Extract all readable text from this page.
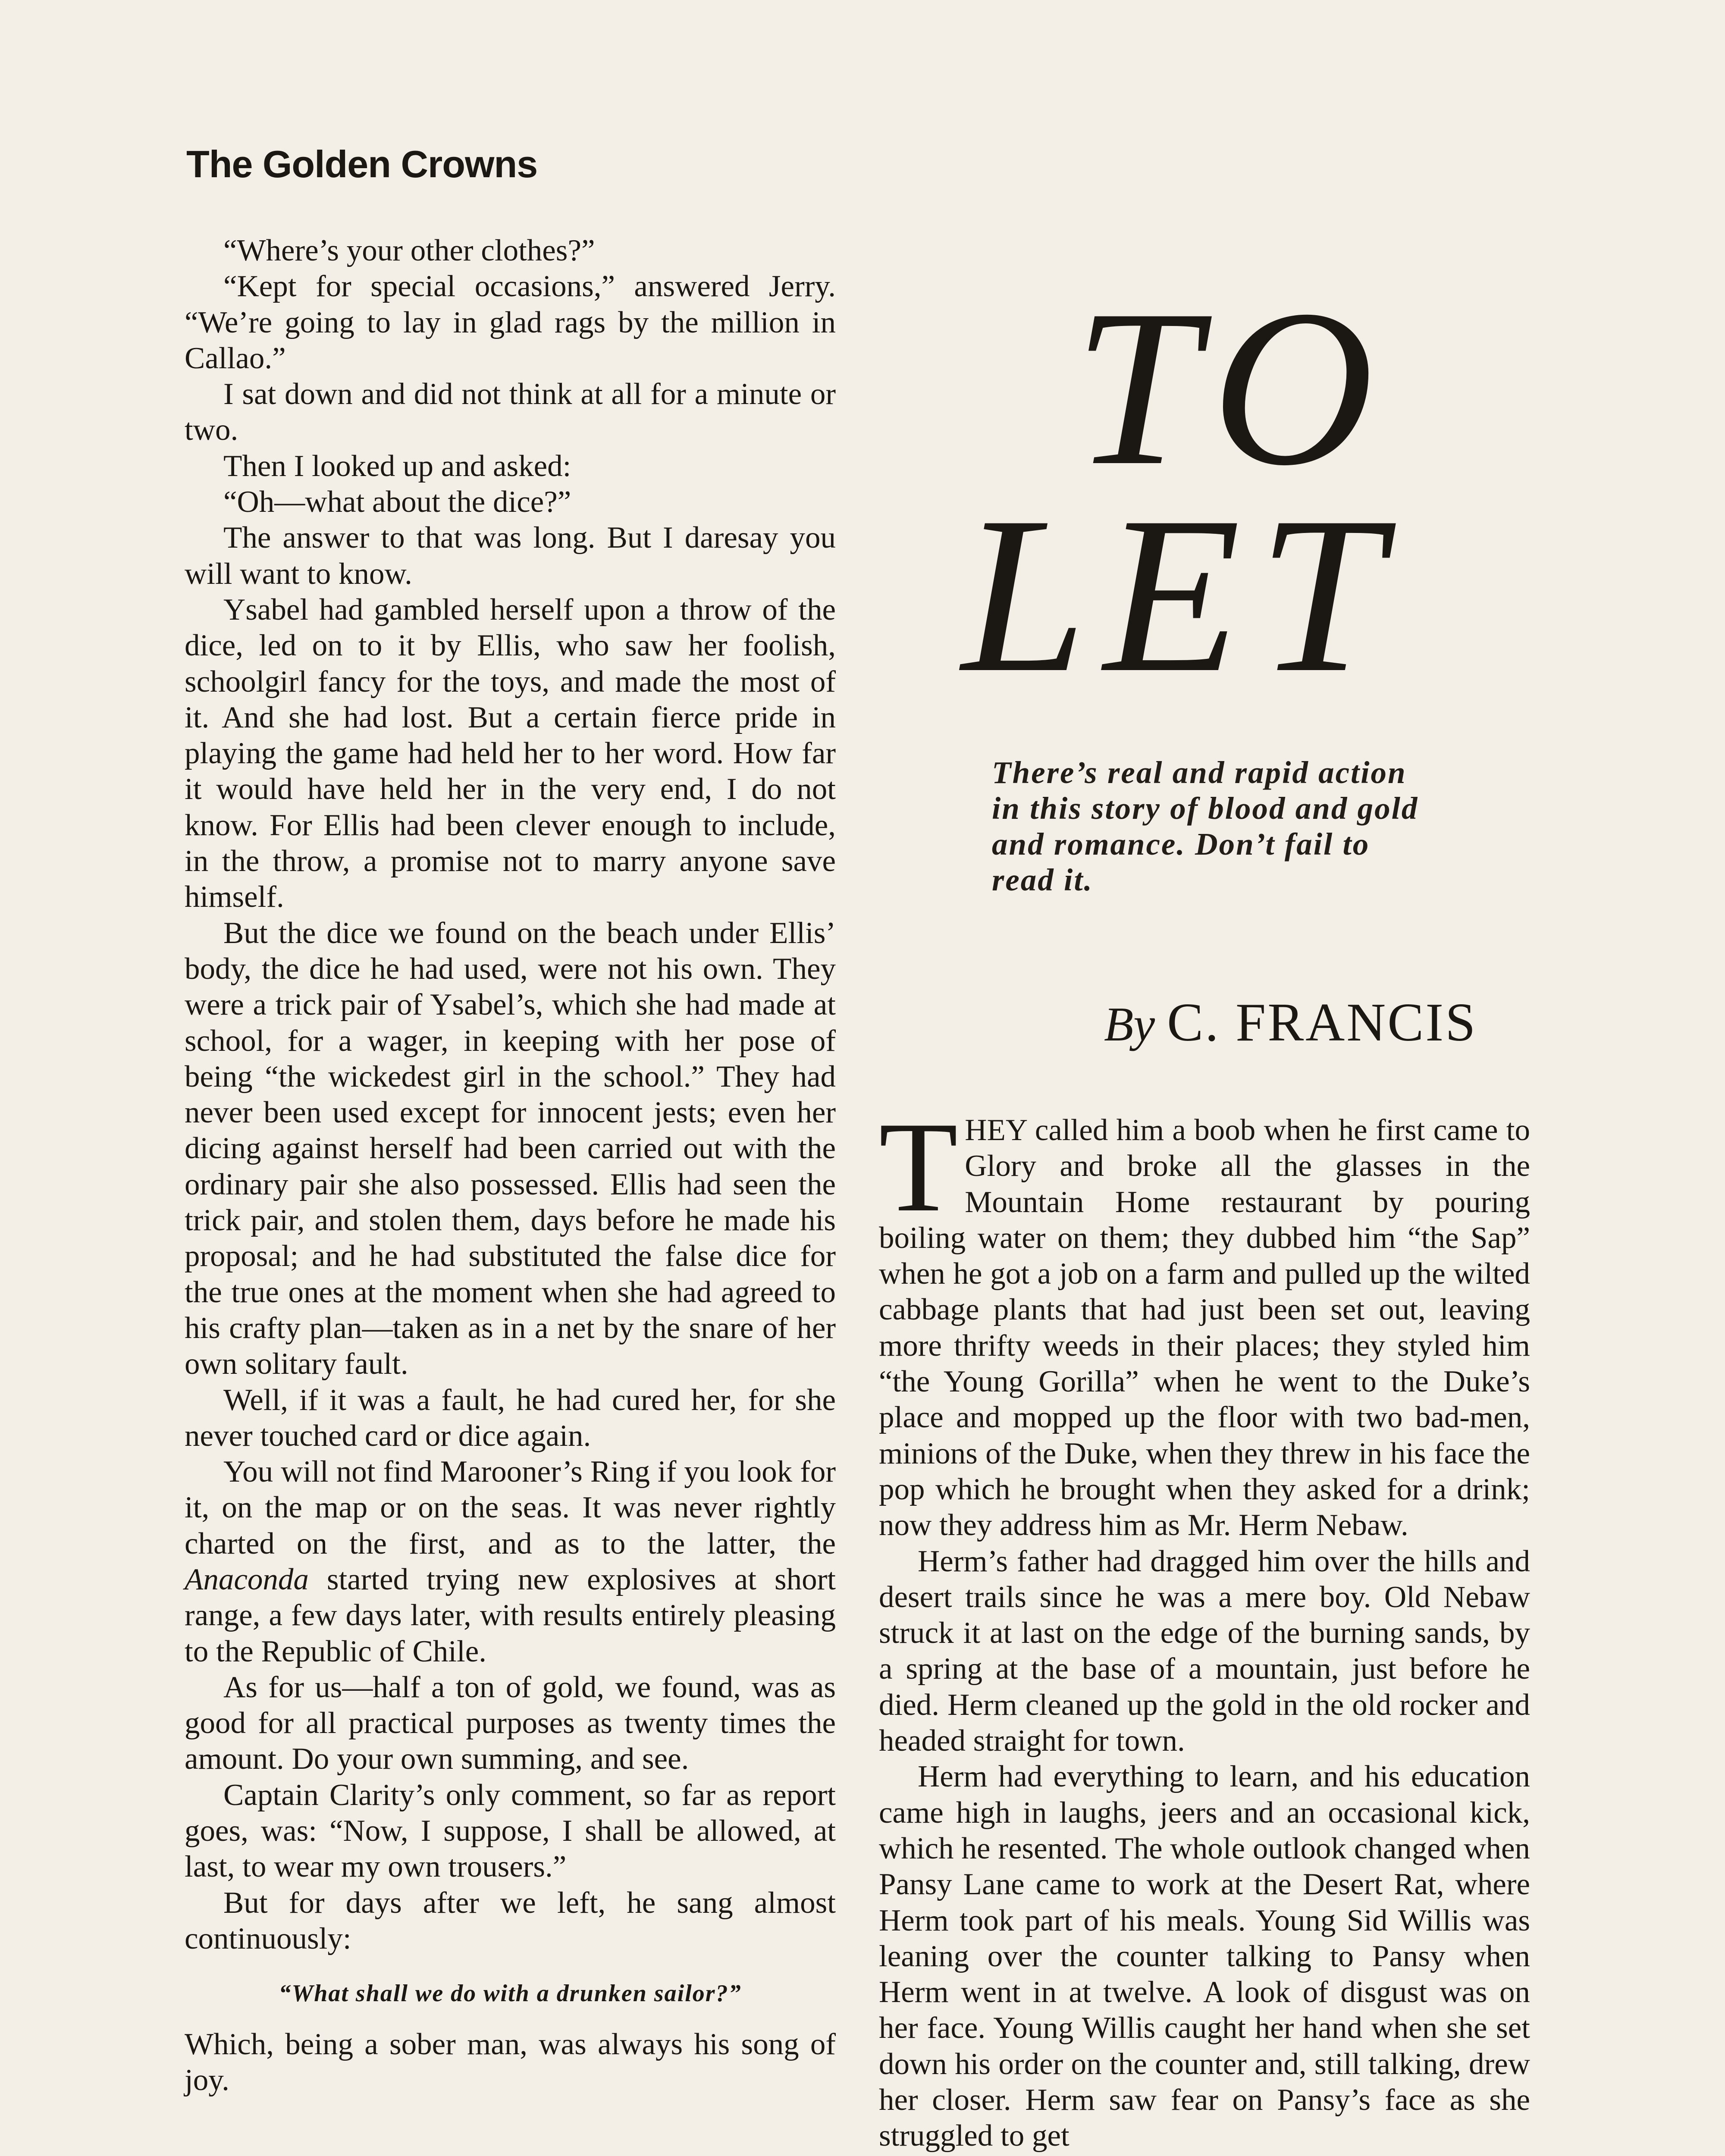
The Golden Crowns

“Where’s your other clothes?”

“Kept for special occasions,” answered Jerry. “We’re going to lay in glad rags by the million in Callao.”

I sat down and did not think at all for a minute or two.

Then I looked up and asked:

“Oh—what about the dice?”

The answer to that was long. But I daresay you will want to know.

Ysabel had gambled herself upon a throw of the dice, led on to it by Ellis, who saw her foolish, schoolgirl fancy for the toys, and made the most of it. And she had lost. But a certain fierce pride in playing the game had held her to her word. How far it would have held her in the very end, I do not know. For Ellis had been clever enough to include, in the throw, a promise not to marry anyone save himself.

But the dice we found on the beach under Ellis’ body, the dice he had used, were not his own. They were a trick pair of Ysabel’s, which she had made at school, for a wager, in keeping with her pose of being “the wickedest girl in the school.” They had never been used except for innocent jests; even her dicing against herself had been carried out with the ordinary pair she also possessed. Ellis had seen the trick pair, and stolen them, days before he made his proposal; and he had substituted the false dice for the true ones at the moment when she had agreed to his crafty plan—taken as in a net by the snare of her own solitary fault.

Well, if it was a fault, he had cured her, for she never touched card or dice again.

You will not find Marooner’s Ring if you look for it, on the map or on the seas. It was never rightly charted on the first, and as to the latter, the Anaconda started trying new explosives at short range, a few days later, with results entirely pleasing to the Republic of Chile.

As for us—half a ton of gold, we found, was as good for all practical purposes as twenty times the amount. Do your own summing, and see.

Captain Clarity’s only comment, so far as report goes, was: “Now, I suppose, I shall be allowed, at last, to wear my own trousers.”

But for days after we left, he sang almost continuously:

“What shall we do with a drunken sailor?”

Which, being a sober man, was always his song of joy.

TO
LET
There’s real and rapid action in this story of blood and gold and romance. Don’t fail to read it.
By C. FRANCIS

THEY called him a boob when he first came to Glory and broke all the glasses in the Mountain Home restaurant by pouring boiling water on them; they dubbed him “the Sap” when he got a job on a farm and pulled up the wilted cabbage plants that had just been set out, leaving more thrifty weeds in their places; they styled him “the Young Gorilla” when he went to the Duke’s place and mopped up the floor with two bad-men, minions of the Duke, when they threw in his face the pop which he brought when they asked for a drink; now they address him as Mr. Herm Nebaw.

Herm’s father had dragged him over the hills and desert trails since he was a mere boy. Old Nebaw struck it at last on the edge of the burning sands, by a spring at the base of a mountain, just before he died. Herm cleaned up the gold in the old rocker and headed straight for town.

Herm had everything to learn, and his education came high in laughs, jeers and an occasional kick, which he resented. The whole outlook changed when Pansy Lane came to work at the Desert Rat, where Herm took part of his meals. Young Sid Willis was leaning over the counter talking to Pansy when Herm went in at twelve. A look of disgust was on her face. Young Willis caught her hand when she set down his order on the counter and, still talking, drew her closer. Herm saw fear on Pansy’s face as she struggled to get
